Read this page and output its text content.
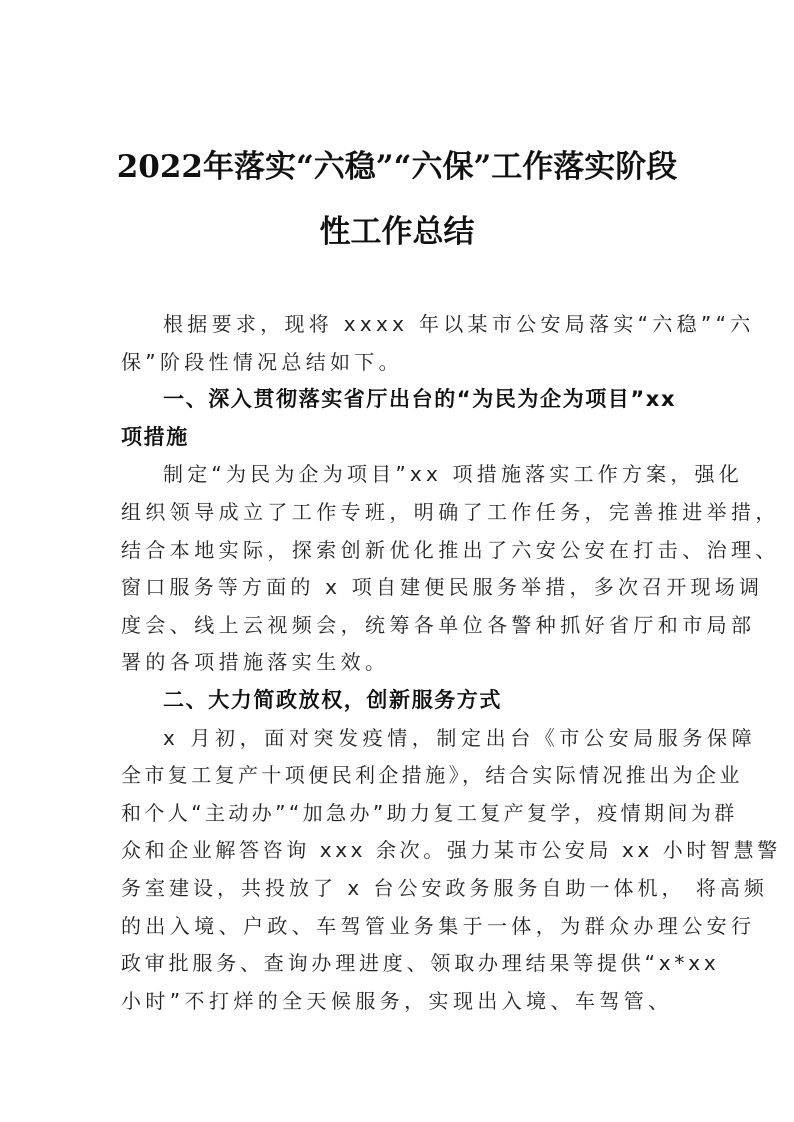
2022年落实“六稳”“六保”工作落实阶段
性工作总结
根据要求，现将 xxxx 年以某市公安局落实“六稳”“六
保”阶段性情况总结如下。
一、深入贯彻落实省厅出台的“为民为企为项目”xx
项措施
制定“为民为企为项目”xx 项措施落实工作方案，强化
组织领导成立了工作专班，明确了工作任务，完善推进举措，
结合本地实际，探索创新优化推出了六安公安在打击、治理、
窗口服务等方面的 x 项自建便民服务举措，多次召开现场调
度会、线上云视频会，统筹各单位各警种抓好省厅和市局部
署的各项措施落实生效。
二、大力简政放权，创新服务方式
x 月初，面对突发疫情，制定出台《市公安局服务保障
全市复工复产十项便民利企措施》，结合实际情况推出为企业
和个人“主动办”“加急办”助力复工复产复学，疫情期间为群
众和企业解答咨询 xxx 余次。强力某市公安局 xx 小时智慧警
务室建设，共投放了 x 台公安政务服务自助一体机， 将高频
的出入境、户政、车驾管业务集于一体，为群众办理公安行
政审批服务、查询办理进度、领取办理结果等提供“x*xx
小时”不打烊的全天候服务，实现出入境、车驾管、
